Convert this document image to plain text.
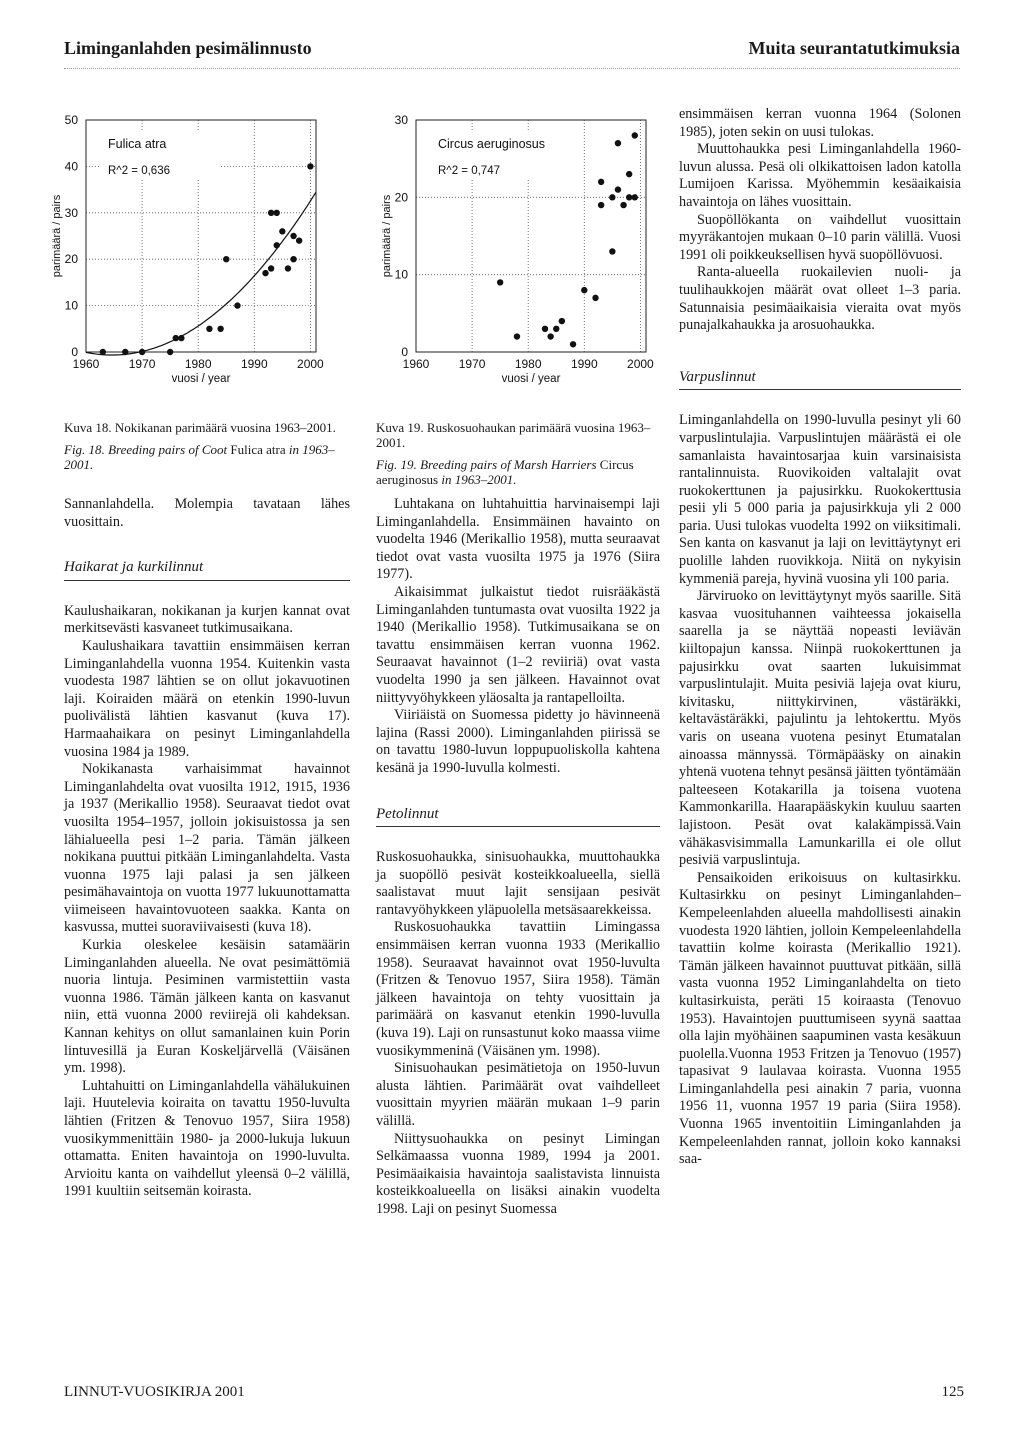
Liminganlahden pesimälinnusto	Muita seurantatutkimuksia
1960 1970 1980 1990 2000
0
10
20
30
40
50
vuosi / year
parimäärä / pairs
Fulica atra
R^2 = 0,636
1960 1970 1980 1990 2000
0
10
20
30
vuosi / year
parimäärä / pairs
Circus aeruginosus
R^2 = 0,747
Kuva 18. Nokikanan parimäärä vuosina 1963–2001.
Fig. 18. Breeding pairs of Coot Fulica atra in 1963–2001.
Kuva 19. Ruskosuohaukan parimäärä vuosina 1963–2001.
Fig. 19. Breeding pairs of Marsh Harriers Circus aeruginosus in 1963–2001.

Sannanlahdella. Molempia tavataan lähes vuosittain.

Haikarat ja kurkilinnut

Kaulushaikaran, nokikanan ja kurjen kannat ovat merkitsevästi kasvaneet tutkimusaikana.

Kaulushaikara tavattiin ensimmäisen kerran Liminganlahdella vuonna 1954. Kuitenkin vasta vuodesta 1987 lähtien se on ollut jokavuotinen laji. Koiraiden määrä on etenkin 1990-luvun puolivälistä lähtien kasvanut (kuva 17). Harmaahaikara on pesinyt Liminganlahdella vuosina 1984 ja 1989.

Nokikanasta varhaisimmat havainnot Liminganlahdelta ovat vuosilta 1912, 1915, 1936 ja 1937 (Merikallio 1958). Seuraavat tiedot ovat vuosilta 1954–1957, jolloin jokisuistossa ja sen lähialueella pesi 1–2 paria. Tämän jälkeen nokikana puuttui pitkään Liminganlahdelta. Vasta vuonna 1975 laji palasi ja sen jälkeen pesimähavaintoja on vuotta 1977 lukuunottamatta viimeiseen havaintovuoteen saakka. Kanta on kasvussa, muttei suoraviivaisesti (kuva 18).

Kurkia oleskelee kesäisin satamäärin Liminganlahden alueella. Ne ovat pesimättömiä nuoria lintuja. Pesiminen varmistettiin vasta vuonna 1986. Tämän jälkeen kanta on kasvanut niin, että vuonna 2000 reviirejä oli kahdeksan. Kannan kehitys on ollut samanlainen kuin Porin lintuvesillä ja Euran Koskeljärvellä (Väisänen ym. 1998).

Luhtahuitti on Liminganlahdella vähälukuinen laji. Huutelevia koiraita on tavattu 1950-luvulta lähtien (Fritzen & Tenovuo 1957, Siira 1958) vuosikymmenittäin 1980- ja 2000-lukuja lukuun ottamatta. Eniten havaintoja on 1990-luvulta. Arvioitu kanta on vaihdellut yleensä 0–2 välillä, 1991 kuultiin seitsemän koirasta.

Luhtakana on luhtahuittia harvinaisempi laji Liminganlahdella. Ensimmäinen havainto on vuodelta 1946 (Merikallio 1958), mutta seuraavat tiedot ovat vasta vuosilta 1975 ja 1976 (Siira 1977).

Aikaisimmat julkaistut tiedot ruisrääkästä Liminganlahden tuntumasta ovat vuosilta 1922 ja 1940 (Merikallio 1958). Tutkimusaikana se on tavattu ensimmäisen kerran vuonna 1962. Seuraavat havainnot (1–2 reviiriä) ovat vasta vuodelta 1990 ja sen jälkeen. Havainnot ovat niittyvyöhykkeen yläosalta ja rantapelloilta.

Viiriäistä on Suomessa pidetty jo hävinneenä lajina (Rassi 2000). Liminganlahden piirissä se on tavattu 1980-luvun loppupuoliskolla kahtena kesänä ja 1990-luvulla kolmesti.

Petolinnut

Ruskosuohaukka, sinisuohaukka, muuttohaukka ja suopöllö pesivät kosteikkoalueella, siellä saalistavat muut lajit sensijaan pesivät rantavyöhykkeen yläpuolella metsäsaarekkeissa.

Ruskosuohaukka tavattiin Limingassa ensimmäisen kerran vuonna 1933 (Merikallio 1958). Seuraavat havainnot ovat 1950-luvulta (Fritzen & Tenovuo 1957, Siira 1958). Tämän jälkeen havaintoja on tehty vuosittain ja parimäärä on kasvanut etenkin 1990-luvulla (kuva 19). Laji on runsastunut koko maassa viime vuosikymmeninä (Väisänen ym. 1998).

Sinisuohaukan pesimätietoja on 1950-luvun alusta lähtien. Parimäärät ovat vaihdelleet vuosittain myyrien määrän mukaan 1–9 parin välillä.

Niittysuohaukka on pesinyt Limingan Selkämaassa vuonna 1989, 1994 ja 2001. Pesimäaikaisia havaintoja saalistavista linnuista kosteikkoalueella on lisäksi ainakin vuodelta 1998. Laji on pesinyt Suomessa

ensimmäisen kerran vuonna 1964 (Solonen 1985), joten sekin on uusi tulokas.

Muuttohaukka pesi Liminganlahdella 1960-luvun alussa. Pesä oli olkikattoisen ladon katolla Lumijoen Karissa. Myöhemmin kesäaikaisia havaintoja on lähes vuosittain.

Suopöllökanta on vaihdellut vuosittain myyräkantojen mukaan 0–10 parin välillä. Vuosi 1991 oli poikkeuksellisen hyvä suopöllövuosi.

Ranta-alueella ruokailevien nuoli- ja tuulihaukkojen määrät ovat olleet 1–3 paria. Satunnaisia pesimäaikaisia vieraita ovat myös punajalkahaukka ja arosuohaukka.

Varpuslinnut

Liminganlahdella on 1990-luvulla pesinyt yli 60 varpuslintulajia. Varpuslintujen määrästä ei ole samanlaista havaintosarjaa kuin varsinaisista rantalinnuista. Ruovikoiden valtalajit ovat ruokokerttunen ja pajusirkku. Ruokokerttusia pesii yli 5 000 paria ja pajusirkkuja yli 2 000 paria. Uusi tulokas vuodelta 1992 on viiksitimali. Sen kanta on kasvanut ja laji on levittäytynyt eri puolille lahden ruovikkoja. Niitä on nykyisin kymmeniä pareja, hyvinä vuosina yli 100 paria.

Järviruoko on levittäytynyt myös saarille. Sitä kasvaa vuosituhannen vaihteessa jokaisella saarella ja se näyttää nopeasti leviävän kiiltopajun kanssa. Niinpä ruokokerttunen ja pajusirkku ovat saarten lukuisimmat varpuslintulajit. Muita pesiviä lajeja ovat kiuru, kivitasku, niittykirvinen, västäräkki, keltavästäräkki, pajulintu ja lehtokerttu. Myös varis on useana vuotena pesinyt Etumatalan ainoassa männyssä. Törmäpääsky on ainakin yhtenä vuotena tehnyt pesänsä jäitten työntämään palteeseen Kotakarilla ja toisena vuotena Kammonkarilla. Haarapääskykin kuuluu saarten lajistoon. Pesät ovat kalakämpissä.Vain vähäkasvisimmalla Lamunkarilla ei ole ollut pesiviä varpuslintuja.

Pensaikoiden erikoisuus on kultasirkku. Kultasirkku on pesinyt Liminganlahden–Kempeleenlahden alueella mahdollisesti ainakin vuodesta 1920 lähtien, jolloin Kempeleenlahdella tavattiin kolme koirasta (Merikallio 1921). Tämän jälkeen havainnot puuttuvat pitkään, sillä vasta vuonna 1952 Liminganlahdelta on tieto kultasirkuista, peräti 15 koiraasta (Tenovuo 1953). Havaintojen puuttumiseen syynä saattaa olla lajin myöhäinen saapuminen vasta kesäkuun puolella.Vuonna 1953 Fritzen ja Tenovuo (1957) tapasivat 9 laulavaa koirasta. Vuonna 1955 Liminganlahdella pesi ainakin 7 paria, vuonna 1956 11, vuonna 1957 19 paria (Siira 1958). Vuonna 1965 inventoitiin Liminganlahden ja Kempeleenlahden rannat, jolloin koko kannaksi saa-

LINNUT-VUOSIKIRJA 2001	125
